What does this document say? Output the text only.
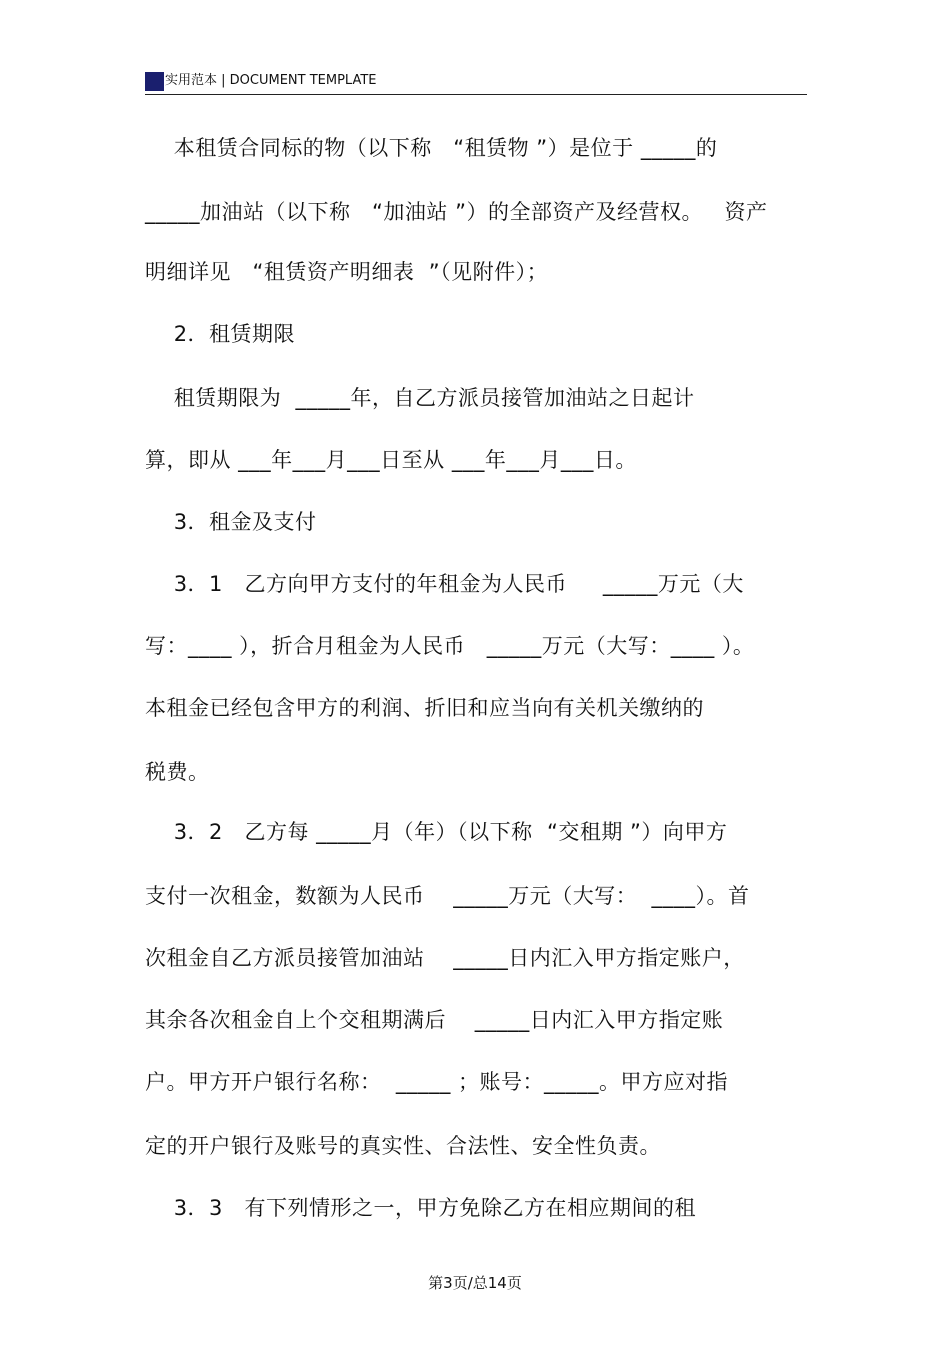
实用范本 | DOCUMENT TEMPLATE
本租赁合同标的物（以下称   “租赁物 ”）是位于 _____的
_____加油站（以下称   “加油站 ”）的全部资产及经营权。   资产
明细详见   “租赁资产明细表  ”（见附件）；
2．租赁期限
租赁期限为  _____年，自乙方派员接管加油站之日起计
算，即从 ___年___月___日至从 ___年___月___日。
3．租金及支付
3．1   乙方向甲方支付的年租金为人民币     _____万元（大
写：____ ），折合月租金为人民币   _____万元（大写：____ ）。
本租金已经包含甲方的利润、折旧和应当向有关机关缴纳的
税费。
3．2   乙方每 _____月（年）（以下称  “交租期 ”）向甲方
支付一次租金，数额为人民币    _____万元（大写：  ____）。首
次租金自乙方派员接管加油站    _____日内汇入甲方指定账户，
其余各次租金自上个交租期满后    _____日内汇入甲方指定账
户。甲方开户银行名称：  _____ ；账号：_____。甲方应对指
定的开户银行及账号的真实性、合法性、安全性负责。
3．3   有下列情形之一，甲方免除乙方在相应期间的租
第3页/总14页
